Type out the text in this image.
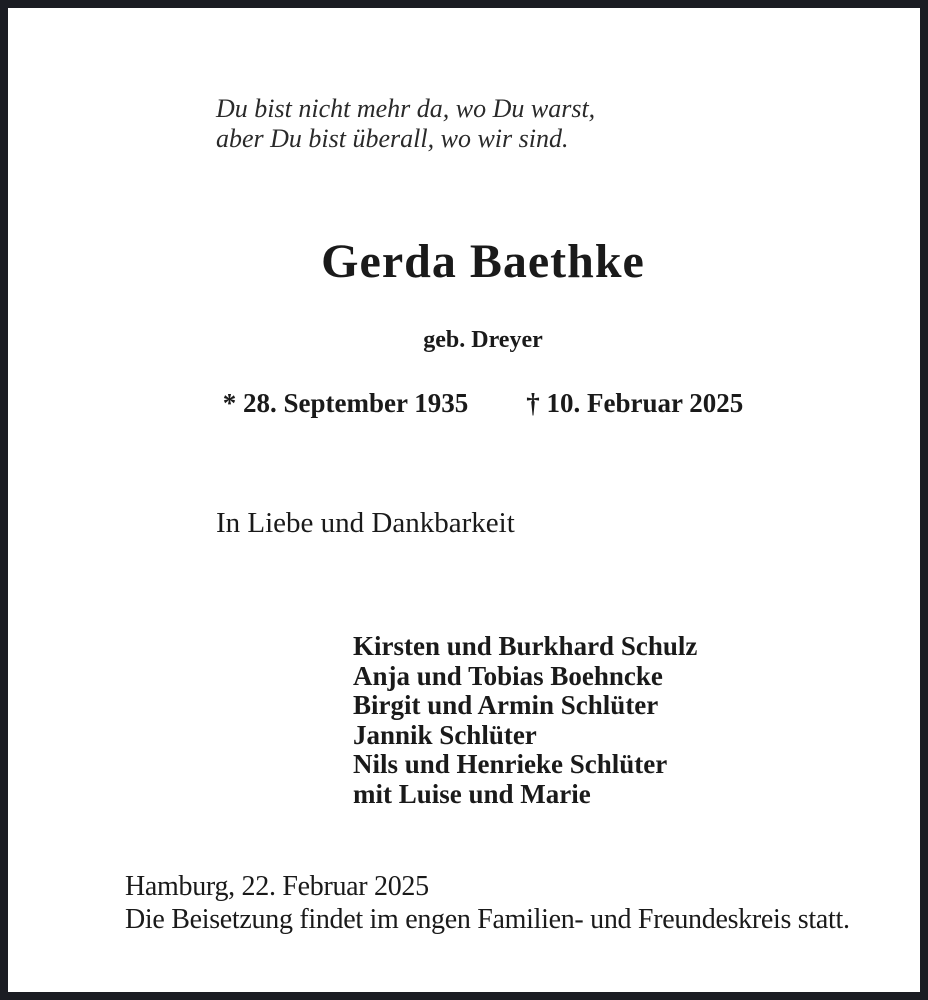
Du bist nicht mehr da, wo Du warst,
aber Du bist überall, wo wir sind.
Gerda Baethke
geb. Dreyer
* 28. September 1935 † 10. Februar 2025
In Liebe und Dankbarkeit
Kirsten und Burkhard Schulz
Anja und Tobias Boehncke
Birgit und Armin Schlüter
Jannik Schlüter
Nils und Henrieke Schlüter
mit Luise und Marie
Hamburg, 22. Februar 2025
Die Beisetzung findet im engen Familien- und Freundeskreis statt.
